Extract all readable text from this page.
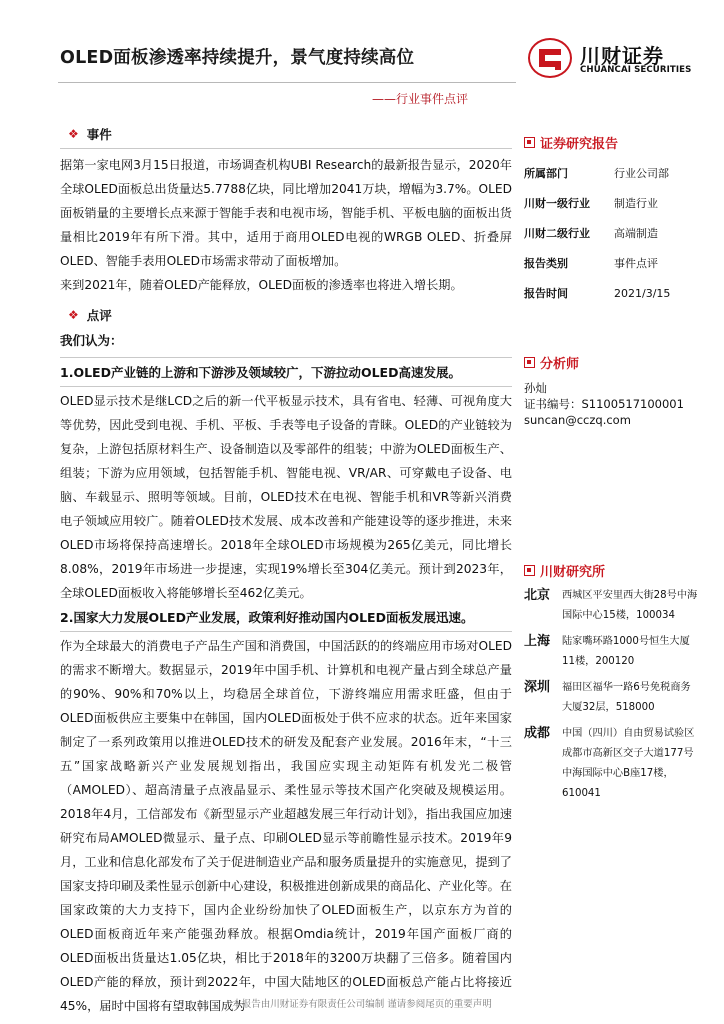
OLED面板渗透率持续提升，景气度持续高位
——行业事件点评
川财证券
CHUANCAI SECURITIES
❖ 事件
据第一家电网3月15日报道，市场调查机构UBI Research的最新报告显示，2020年全球OLED面板总出货量达5.7788亿块，同比增加2041万块，增幅为3.7%。OLED面板销量的主要增长点来源于智能手表和电视市场，智能手机、平板电脑的面板出货量相比2019年有所下滑。其中，适用于商用OLED电视的WRGB OLED、折叠屏OLED、智能手表用OLED市场需求带动了面板增加。
来到2021年，随着OLED产能释放，OLED面板的渗透率也将进入增长期。
❖ 点评
我们认为：
1.OLED产业链的上游和下游涉及领域较广，下游拉动OLED高速发展。
OLED显示技术是继LCD之后的新一代平板显示技术，具有省电、轻薄、可视角度大等优势，因此受到电视、手机、平板、手表等电子设备的青睐。OLED的产业链较为复杂，上游包括原材料生产、设备制造以及零部件的组装；中游为OLED面板生产、组装；下游为应用领域，包括智能手机、智能电视、VR/AR、可穿戴电子设备、电脑、车载显示、照明等领域。目前，OLED技术在电视、智能手机和VR等新兴消费电子领域应用较广。随着OLED技术发展、成本改善和产能建设等的逐步推进，未来OLED市场将保持高速增长。2018年全球OLED市场规模为265亿美元，同比增长8.08%，2019年市场进一步提速，实现19%增长至304亿美元。预计到2023年，全球OLED面板收入将能够增长至462亿美元。
2.国家大力发展OLED产业发展，政策利好推动国内OLED面板发展迅速。
作为全球最大的消费电子产品生产国和消费国，中国活跃的的终端应用市场对OLED的需求不断增大。数据显示，2019年中国手机、计算机和电视产量占到全球总产量的90%、90%和70%以上，均稳居全球首位，下游终端应用需求旺盛，但由于OLED面板供应主要集中在韩国，国内OLED面板处于供不应求的状态。近年来国家制定了一系列政策用以推进OLED技术的研发及配套产业发展。2016年末，“十三五”国家战略新兴产业发展规划指出，我国应实现主动矩阵有机发光二极管（AMOLED）、超高清量子点液晶显示、柔性显示等技术国产化突破及规模运用。2018年4月，工信部发布《新型显示产业超越发展三年行动计划》，指出我国应加速研究布局AMOLED微显示、量子点、印刷OLED显示等前瞻性显示技术。2019年9月，工业和信息化部发布了关于促进制造业产品和服务质量提升的实施意见，提到了国家支持印刷及柔性显示创新中心建设，积极推进创新成果的商品化、产业化等。在国家政策的大力支持下，国内企业纷纷加快了OLED面板生产，以京东方为首的OLED面板商近年来产能强劲释放。根据Omdia统计，2019年国产面板厂商的OLED面板出货量达1.05亿块，相比于2018年的3200万块翻了三倍多。随着国内OLED产能的释放，预计到2022年，中国大陆地区的OLED面板总产能占比将接近45%，届时中国将有望取韩国成为
证券研究报告
所属部门	行业公司部
川财一级行业	制造行业
川财二级行业	高端制造
报告类别	事件点评
报告时间	2021/3/15
分析师
孙灿
证书编号：S1100517100001
suncan@cczq.com
川财研究所
北京	西城区平安里西大街28号中海国际中心15楼，100034
上海	陆家嘴环路1000号恒生大厦11楼，200120
深圳	福田区福华一路6号免税商务大厦32层，518000
成都	中国（四川）自由贸易试验区成都市高新区交子大道177号中海国际中心B座17楼，610041
本报告由川财证券有限责任公司编制 谨请参阅尾页的重要声明
